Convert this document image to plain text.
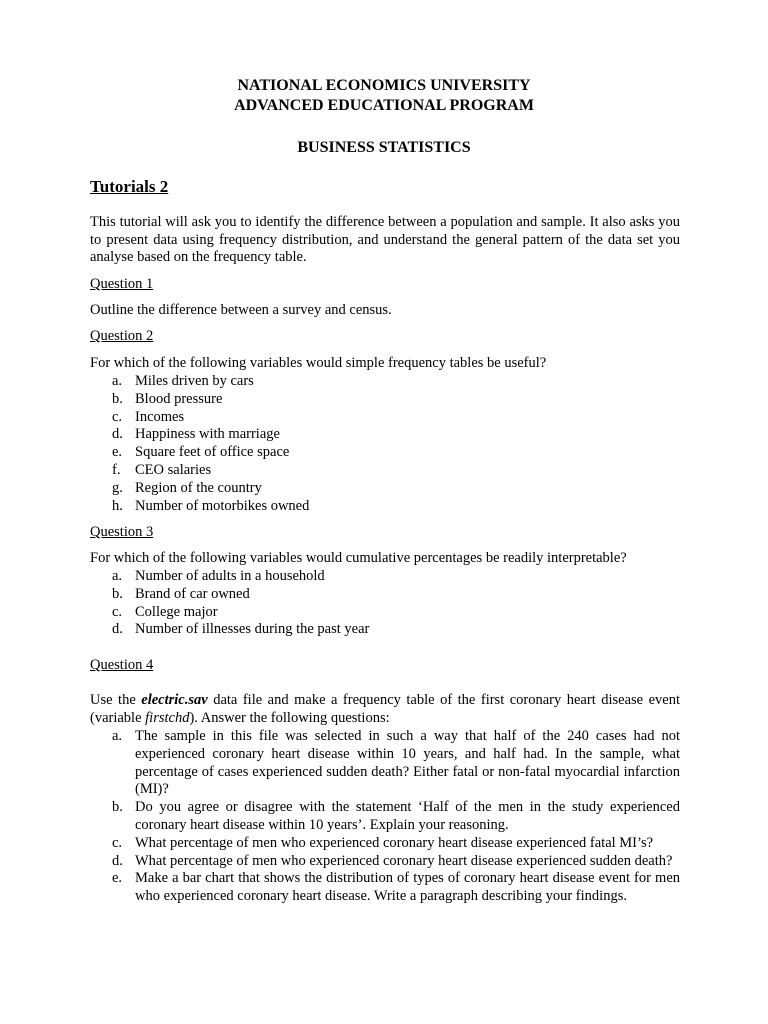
NATIONAL ECONOMICS UNIVERSITY
ADVANCED EDUCATIONAL PROGRAM
BUSINESS STATISTICS
Tutorials 2
This tutorial will ask you to identify the difference between a population and sample. It also asks you to present data using frequency distribution, and understand the general pattern of the data set you analyse based on the frequency table.
Question 1
Outline the difference between a survey and census.
Question 2
For which of the following variables would simple frequency tables be useful?
a. Miles driven by cars
b. Blood pressure
c. Incomes
d. Happiness with marriage
e. Square feet of office space
f. CEO salaries
g. Region of the country
h. Number of motorbikes owned
Question 3
For which of the following variables would cumulative percentages be readily interpretable?
a. Number of adults in a household
b. Brand of car owned
c. College major
d. Number of illnesses during the past year
Question 4
Use the electric.sav data file and make a frequency table of the first coronary heart disease event (variable firstchd). Answer the following questions:
a. The sample in this file was selected in such a way that half of the 240 cases had not experienced coronary heart disease within 10 years, and half had. In the sample, what percentage of cases experienced sudden death? Either fatal or non-fatal myocardial infarction (MI)?
b. Do you agree or disagree with the statement ‘Half of the men in the study experienced coronary heart disease within 10 years’. Explain your reasoning.
c. What percentage of men who experienced coronary heart disease experienced fatal MI’s?
d. What percentage of men who experienced coronary heart disease experienced sudden death?
e. Make a bar chart that shows the distribution of types of coronary heart disease event for men who experienced coronary heart disease. Write a paragraph describing your findings.
